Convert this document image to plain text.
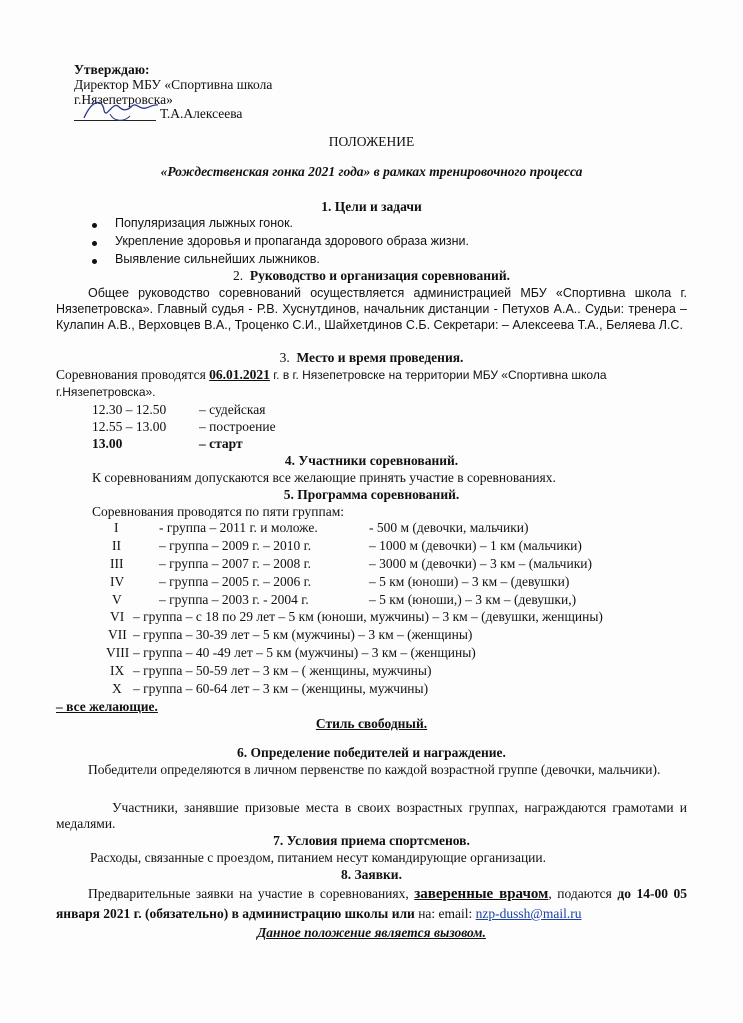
Утверждаю:
Директор МБУ «Спортивна школа
г.Нязепетровска»
Т.А.Алексеева
ПОЛОЖЕНИЕ
«Рождественская гонка 2021 года» в рамках тренировочного процесса
1. Цели и задачи
Популяризация лыжных гонок.
Укрепление здоровья и пропаганда здорового образа жизни.
Выявление сильнейших лыжников.
2. Руководство и организация соревнований.
Общее руководство соревнований осуществляется администрацией МБУ «Спортивна школа г. Нязепетровска». Главный судья - Р.В. Хуснутдинов, начальник дистанции - Петухов А.А.. Судьи: тренера – Кулапин А.В., Верховцев В.А., Троценко С.И., Шайхетдинов С.Б. Секретари: – Алексеева Т.А., Беляева Л.С.
3. Место и время проведения.
Соревнования проводятся 06.01.2021 г. в г. Нязепетровске на территории МБУ «Спортивна школа
г.Нязепетровска».
12.30 – 12.50 – судейская
12.55 – 13.00 – построение
13.00	– старт
4. Участники соревнований.
К соревнованиям допускаются все желающие принять участие в соревнованиях.
5. Программа соревнований.
Соревнования проводятся по пяти группам:
I	- группа – 2011 г. и моложе.	- 500 м (девочки, мальчики)
II	– группа – 2009 г. – 2010 г.	– 1000 м (девочки) – 1 км (мальчики)
III	– группа – 2007 г. – 2008 г.	– 3000 м (девочки) – 3 км – (мальчики)
IV	– группа – 2005 г. – 2006 г.	– 5 км (юноши) – 3 км – (девушки)
V	– группа – 2003 г. - 2004 г.	– 5 км (юноши,) – 3 км – (девушки,)
VI – группа – с 18 по 29 лет – 5 км (юноши, мужчины) – 3 км – (девушки, женщины)
VII – группа – 30-39 лет – 5 км (мужчины) – 3 км – (женщины)
VIII – группа – 40 -49 лет – 5 км (мужчины) – 3 км – (женщины)
IX – группа – 50-59 лет – 3 км – ( женщины, мужчины)
X – группа – 60-64 лет – 3 км – (женщины, мужчины)
– все желающие.
Стиль свободный.
6. Определение победителей и награждение.
Победители определяются в личном первенстве по каждой возрастной группе (девочки, мальчики).
Участники, занявшие призовые места в своих возрастных группах, награждаются грамотами и медалями.
7. Условия приема спортсменов.
Расходы, связанные с проездом, питанием несут командирующие организации.
8. Заявки.
Предварительные заявки на участие в соревнованиях, заверенные врачом, подаются до 14-00 05 января 2021 г. (обязательно) в администрацию школы или на: email: nzp-dussh@mail.ru
Данное положение является вызовом.
